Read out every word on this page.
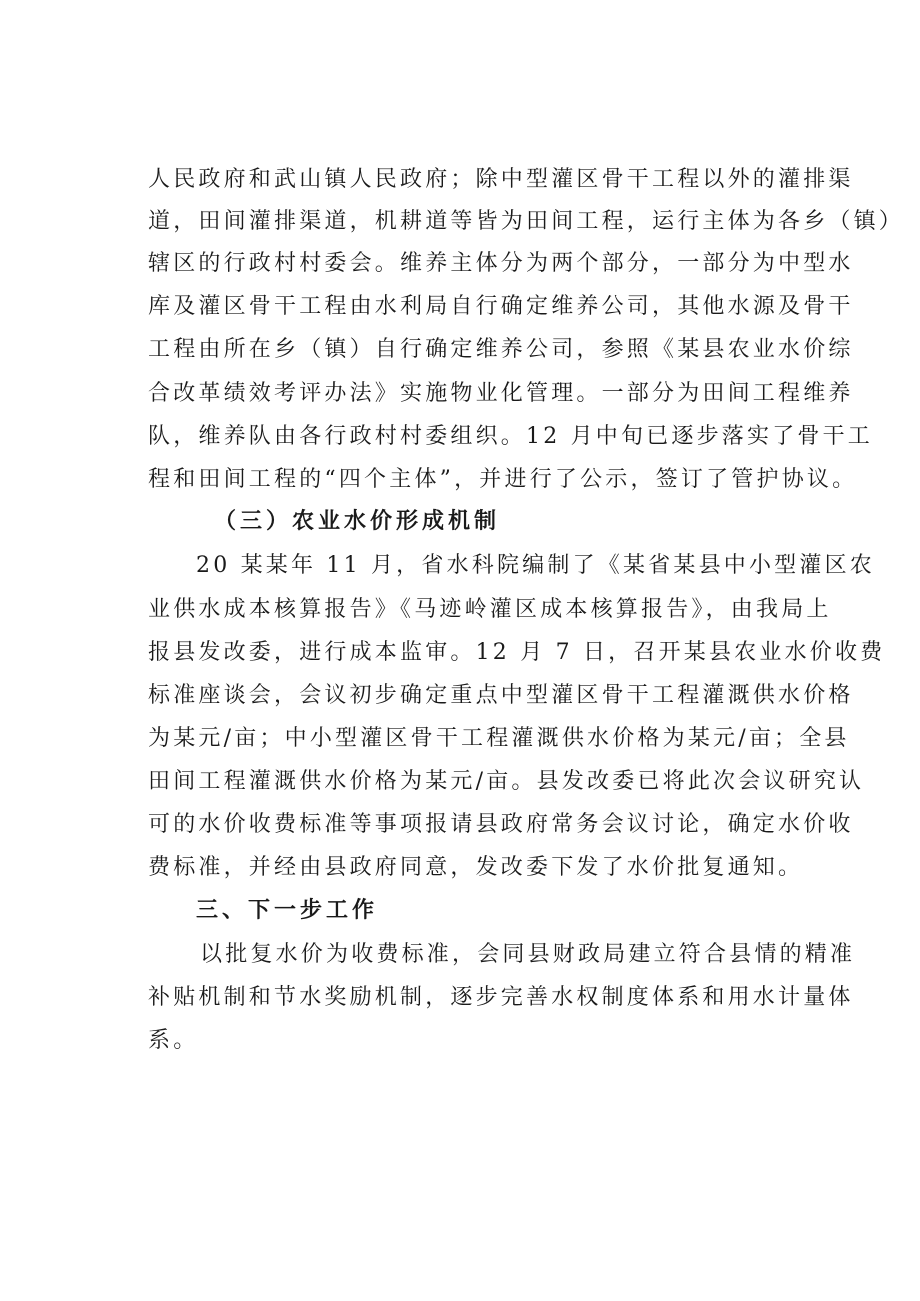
人民政府和武山镇人民政府；除中型灌区骨干工程以外的灌排渠
道，田间灌排渠道，机耕道等皆为田间工程，运行主体为各乡（镇）
辖区的行政村村委会。维养主体分为两个部分，一部分为中型水
库及灌区骨干工程由水利局自行确定维养公司，其他水源及骨干
工程由所在乡（镇）自行确定维养公司，参照《某县农业水价综
合改革绩效考评办法》实施物业化管理。一部分为田间工程维养
队，维养队由各行政村村委组织。12 月中旬已逐步落实了骨干工
程和田间工程的“四个主体”，并进行了公示，签订了管护协议。
（三）农业水价形成机制
20 某某年 11 月，省水科院编制了《某省某县中小型灌区农
业供水成本核算报告》《马迹岭灌区成本核算报告》，由我局上
报县发改委，进行成本监审。12 月 7 日，召开某县农业水价收费
标准座谈会，会议初步确定重点中型灌区骨干工程灌溉供水价格
为某元/亩；中小型灌区骨干工程灌溉供水价格为某元/亩；全县
田间工程灌溉供水价格为某元/亩。县发改委已将此次会议研究认
可的水价收费标准等事项报请县政府常务会议讨论，确定水价收
费标准，并经由县政府同意，发改委下发了水价批复通知。
三、下一步工作
以批复水价为收费标准，会同县财政局建立符合县情的精准
补贴机制和节水奖励机制，逐步完善水权制度体系和用水计量体
系。
